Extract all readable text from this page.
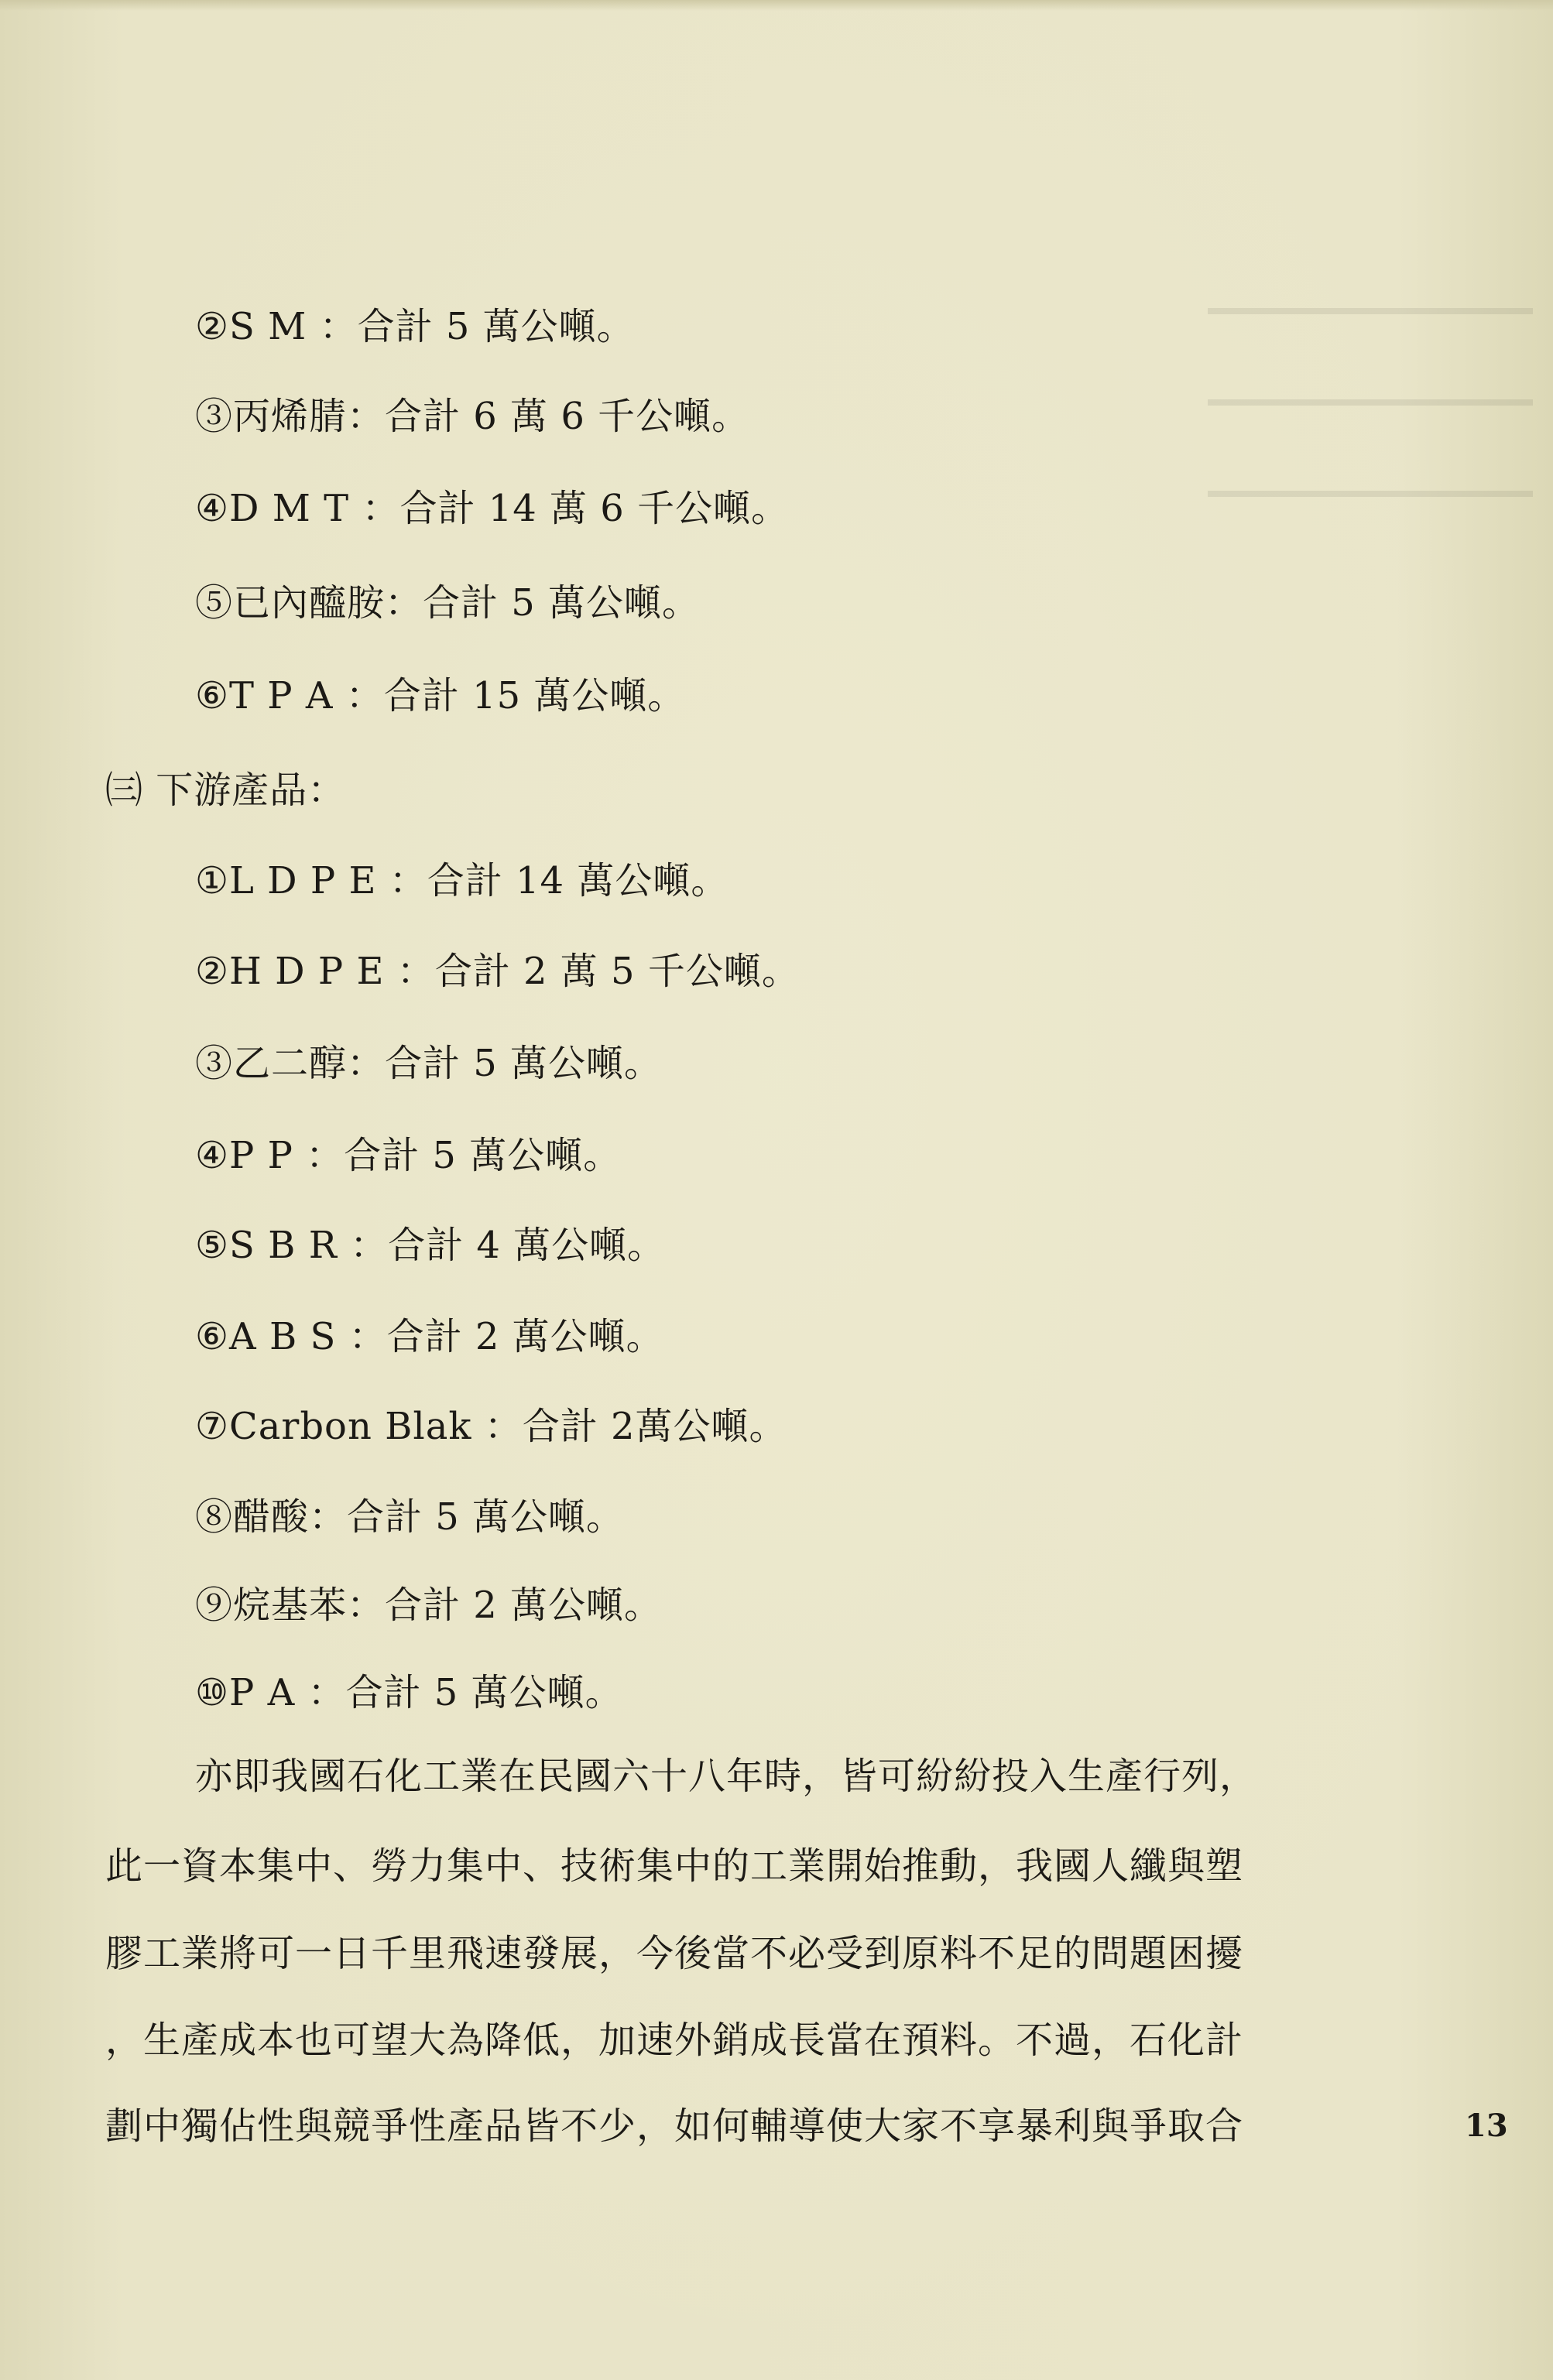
②S M ：合計 5 萬公噸。
③丙烯腈：合計 6 萬 6 千公噸。
④D M T ：合計 14 萬 6 千公噸。
⑤已內醯胺：合計 5 萬公噸。
⑥T P A ：合計 15 萬公噸。
㈢ 下游產品：
①L D P E ：合計 14 萬公噸。
②H D P E ：合計 2 萬 5 千公噸。
③乙二醇：合計 5 萬公噸。
④P P ：合計 5 萬公噸。
⑤S B R ：合計 4 萬公噸。
⑥A B S ：合計 2 萬公噸。
⑦Carbon Blak ：合計 2萬公噸。
⑧醋酸：合計 5 萬公噸。
⑨烷基苯：合計 2 萬公噸。
⑩P A ：合計 5 萬公噸。
亦即我國石化工業在民國六十八年時，皆可紛紛投入生產行列，
此一資本集中、勞力集中、技術集中的工業開始推動，我國人纖與塑
膠工業將可一日千里飛速發展，今後當不必受到原料不足的問題困擾
，生產成本也可望大為降低，加速外銷成長當在預料。不過，石化計
劃中獨佔性與競爭性產品皆不少，如何輔導使大家不享暴利與爭取合	13
